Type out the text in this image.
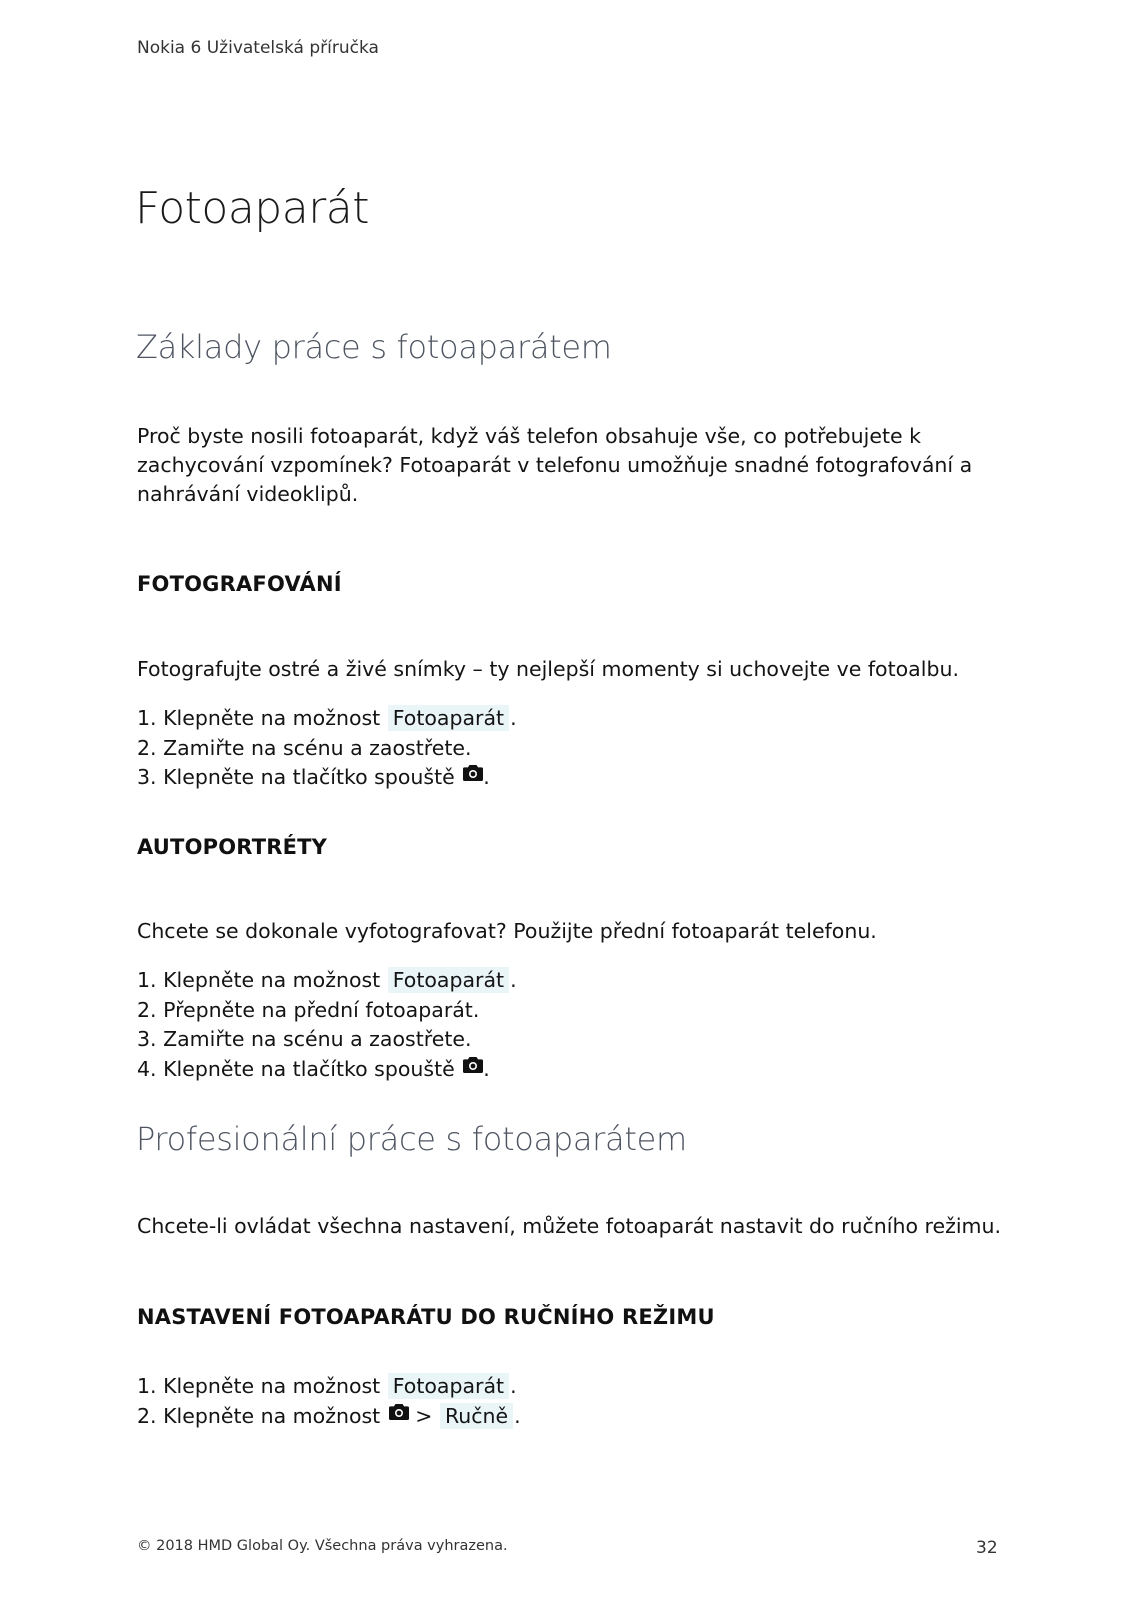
Nokia 6 Uživatelská příručka
Fotoaparát
Základy práce s fotoaparátem
Proč byste nosili fotoaparát, když váš telefon obsahuje vše, co potřebujete k
zachycování vzpomínek? Fotoaparát v telefonu umožňuje snadné fotografování a
nahrávání videoklipů.
FOTOGRAFOVÁNÍ
Fotografujte ostré a živé snímky – ty nejlepší momenty si uchovejte ve fotoalbu.
1. Klepněte na možnost Fotoaparát .
2. Zamiřte na scénu a zaostřete.
3. Klepněte na tlačítko spouště .
AUTOPORTRÉTY
Chcete se dokonale vyfotografovat? Použijte přední fotoaparát telefonu.
1. Klepněte na možnost Fotoaparát .
2. Přepněte na přední fotoaparát.
3. Zamiřte na scénu a zaostřete.
4. Klepněte na tlačítko spouště .
Profesionální práce s fotoaparátem
Chcete-li ovládat všechna nastavení, můžete fotoaparát nastavit do ručního režimu.
NASTAVENÍ FOTOAPARÁTU DO RUČNÍHO REŽIMU
1. Klepněte na možnost Fotoaparát .
2. Klepněte na možnost  > Ručně .
© 2018 HMD Global Oy. Všechna práva vyhrazena.	32
